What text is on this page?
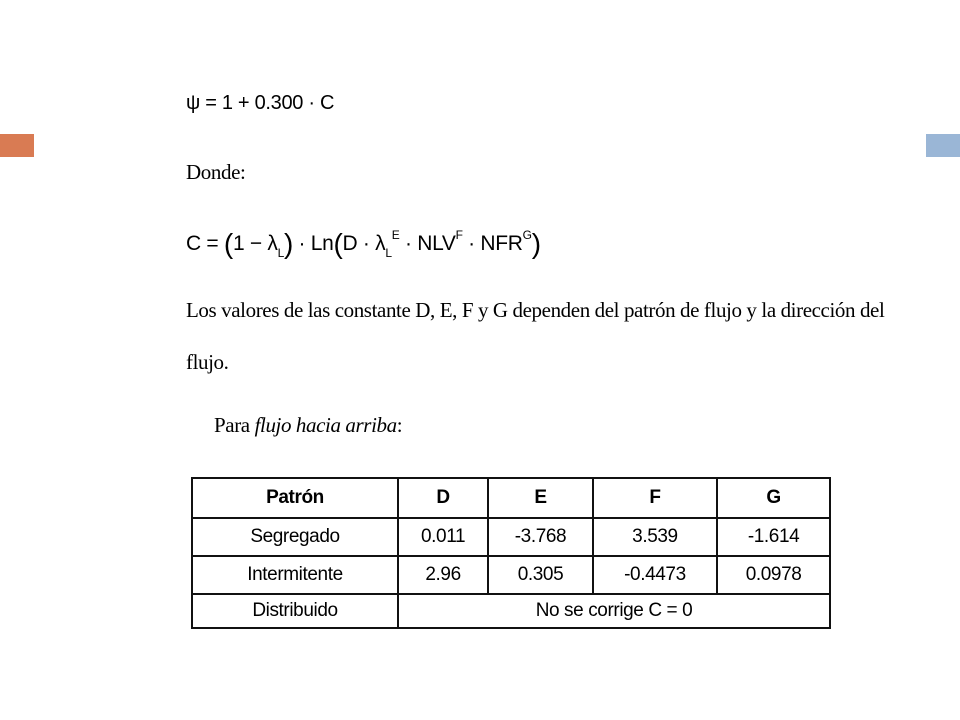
ψ = 1 + 0.300 · C
Donde:
$C = (1 - \lambda_L) \cdot Ln(D \cdot \lambda_L^E \cdot NLV^F \cdot NFR^G)$
Los valores de las constante D, E, F y G dependen del patrón de flujo y la dirección del
flujo.
Para flujo hacia arriba:
Patrón	D	E	F	G
Segregado	0.011	-3.768	3.539	-1.614
Intermitente	2.96	0.305	-0.4473	0.0978
Distribuido	No se corrige C = 0			
